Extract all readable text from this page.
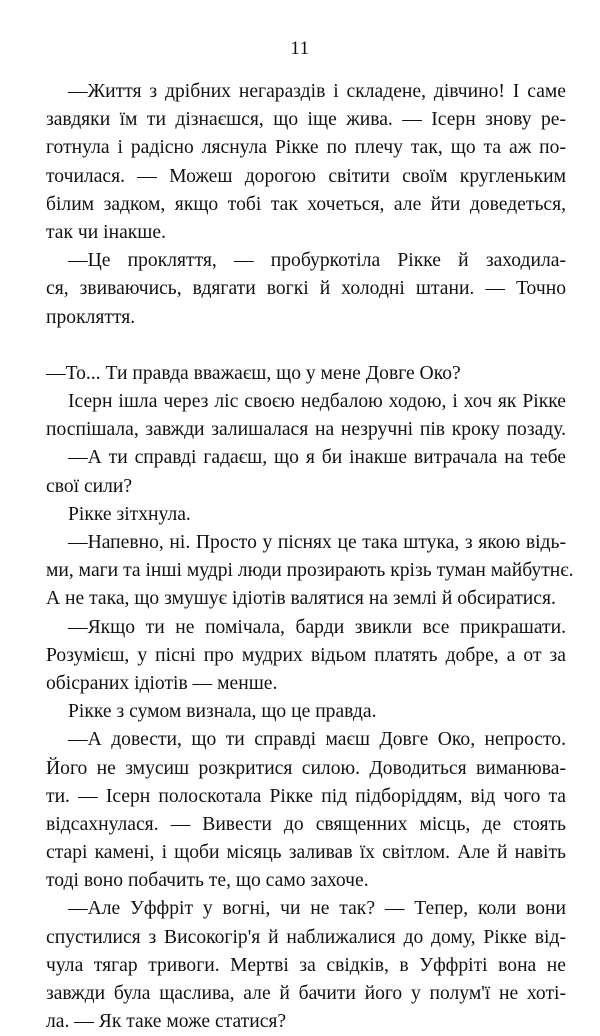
11
—Життя з дрібних негараздів і складене, дівчино! І саме
завдяки їм ти дізнаєшся, що іще жива. — Ісерн знову ре-
готнула і радісно ляснула Рікке по плечу так, що та аж по-
точилася. — Можеш дорогою світити своїм кругленьким
білим задком, якщо тобі так хочеться, але йти доведеться,
так чи інакше.
—Це прокляття, — пробуркотіла Рікке й заходила-
ся, звиваючись, вдягати вогкі й холодні штани. — Точно
прокляття.
—То... Ти правда вважаєш, що у мене Довге Око?
Ісерн ішла через ліс своєю недбалою ходою, і хоч як Рікке
поспішала, завжди залишалася на незручні пів кроку позаду.
—А ти справді гадаєш, що я би інакше витрачала на тебе
свої сили?
Рікке зітхнула.
—Напевно, ні. Просто у піснях це така штука, з якою відь-
ми, маги та інші мудрі люди прозирають крізь туман майбутнє.
А не така, що змушує ідіотів валятися на землі й обсиратися.
—Якщо ти не помічала, барди звикли все прикрашати.
Розумієш, у пісні про мудрих відьом платять добре, а от за
обісраних ідіотів — менше.
Рікке з сумом визнала, що це правда.
—А довести, що ти справді маєш Довге Око, непросто.
Його не змусиш розкритися силою. Доводиться виманюва-
ти. — Ісерн полоскотала Рікке під підборіддям, від чого та
відсахнулася. — Вивести до священних місць, де стоять
старі камені, і щоби місяць заливав їх світлом. Але й навіть
тоді воно побачить те, що само захоче.
—Але Уффріт у вогні, чи не так? — Тепер, коли вони
спустилися з Високогір'я й наближалися до дому, Рікке від-
чула тягар тривоги. Мертві за свідків, в Уффріті вона не
завжди була щаслива, але й бачити його у полум'ї не хоті-
ла. — Як таке може статися?
